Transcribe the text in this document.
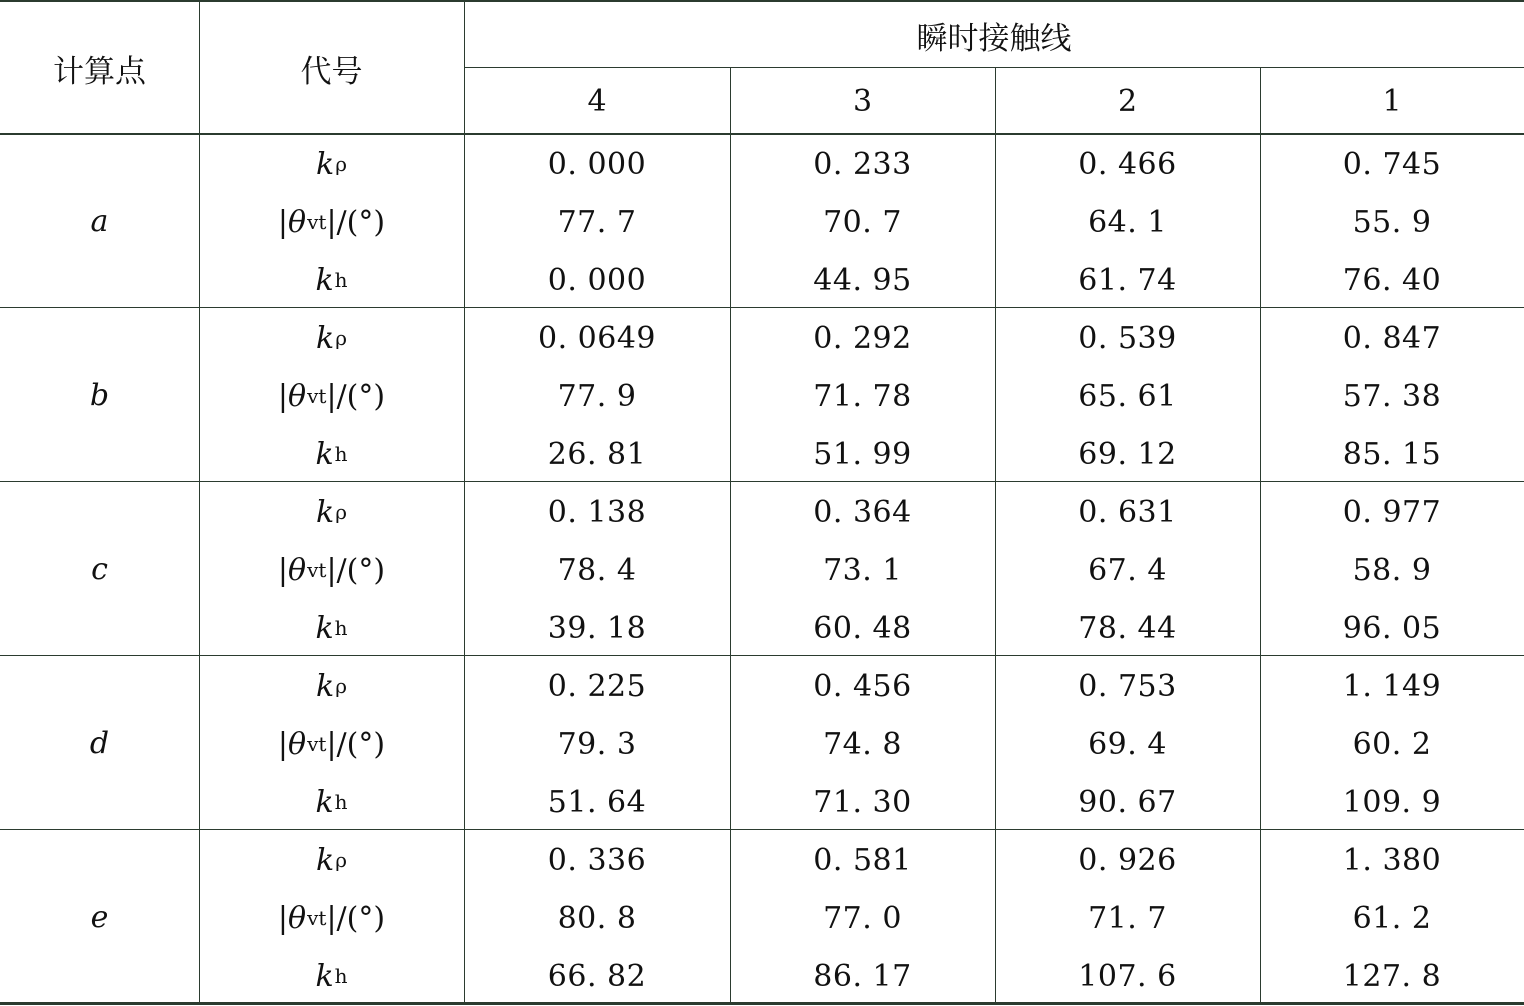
计算点	代号
瞬时接触线
4	3	2	1
a
k ρ	0. 000	0. 233	0. 466	0. 745
| θ vt |/(°)	77. 7	70. 7	64. 1	55. 9
k h	0. 000	44. 95	61. 74	76. 40
b
k ρ	0. 0649	0. 292	0. 539	0. 847
| θ vt |/(°)	77. 9	71. 78	65. 61	57. 38
k h	26. 81	51. 99	69. 12	85. 15
c
k ρ	0. 138	0. 364	0. 631	0. 977
| θ vt |/(°)	78. 4	73. 1	67. 4	58. 9
k h	39. 18	60. 48	78. 44	96. 05
d
k ρ	0. 225	0. 456	0. 753	1. 149
| θ vt |/(°)	79. 3	74. 8	69. 4	60. 2
k h	51. 64	71. 30	90. 67	109. 9
e
k ρ	0. 336	0. 581	0. 926	1. 380
| θ vt |/(°)	80. 8	77. 0	71. 7	61. 2
k h	66. 82	86. 17	107. 6	127. 8
